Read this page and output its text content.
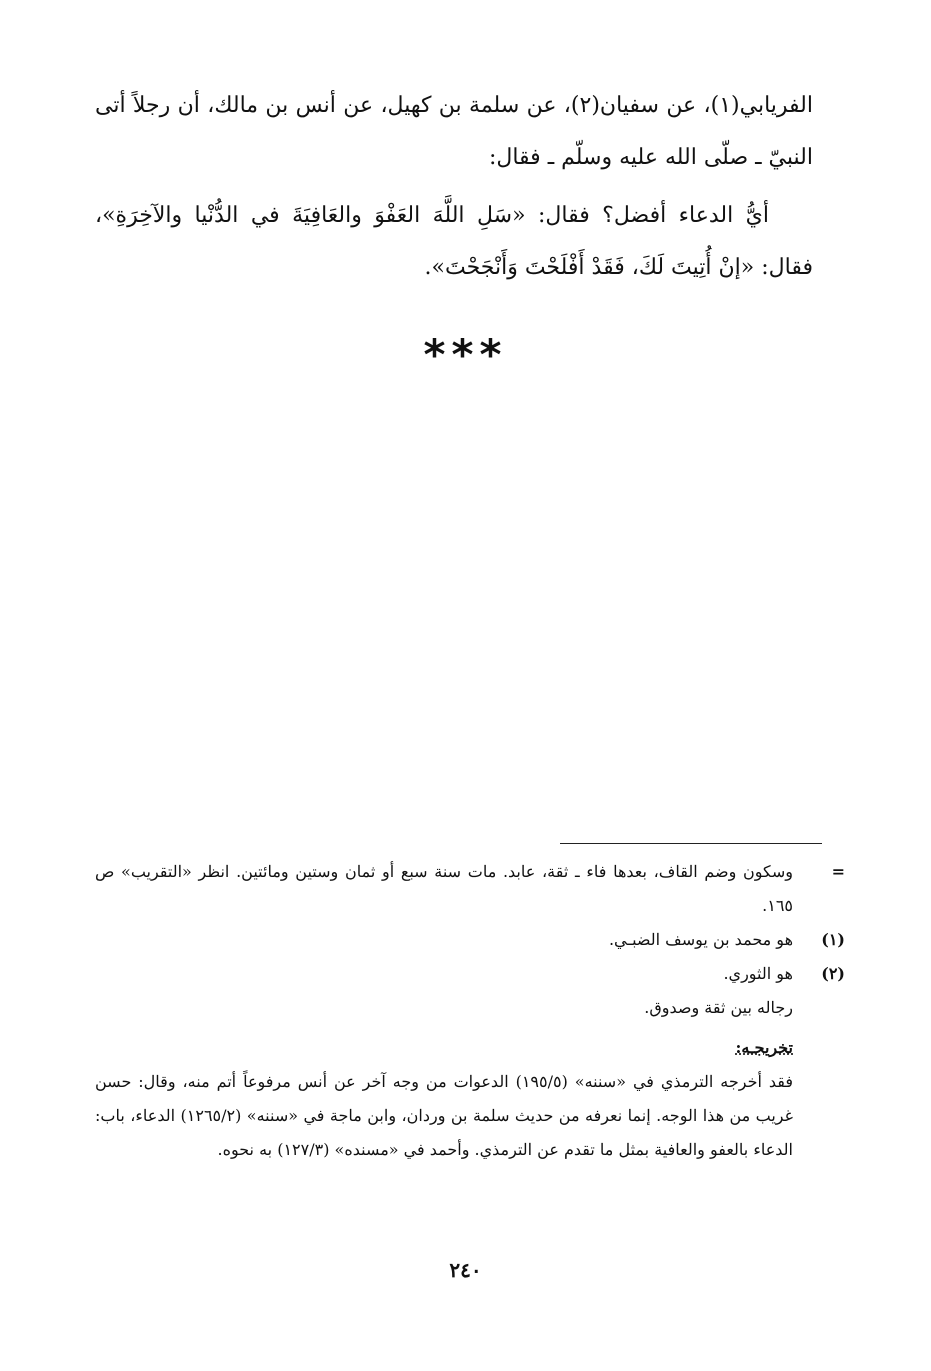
الفريابي(١)، عن سفيان(٢)، عن سلمة بن كهيل، عن أنس بن مالك، أن رجلاً أتى النبيّ ـ صلّى الله عليه وسلّم ـ فقال:

أيُّ الدعاء أفضل؟ فقال: «سَلِ اللَّهَ العَفْوَ والعَافِيَةَ في الدُّنْيا والآخِرَةِ»، فقال: «إنْ أُتِيتَ لَكَ، فَقَدْ أَفْلَحْتَ وَأَنْجَحْتَ».

***
=
وسكون وضم القاف، بعدها فاء ـ ثقة، عابد. مات سنة سبع أو ثمان وستين ومائتين. انظر «التقريب» ص ١٦٥.
(١)
هو محمد بن يوسف الضبـي.
(٢)
هو الثوري.
رجاله بين ثقة وصدوق.
تخريجـه:
فقد أخرجه الترمذي في «سننه» (١٩٥/٥) الدعوات من وجه آخر عن أنس مرفوعاً أتم منه، وقال: حسن غريب من هذا الوجه. إنما نعرفه من حديث سلمة بن وردان، وابن ماجة في «سننه» (١٢٦٥/٢) الدعاء، باب: الدعاء بالعفو والعافية بمثل ما تقدم عن الترمذي. وأحمد في «مسنده» (١٢٧/٣) به نحوه.
٢٤٠
